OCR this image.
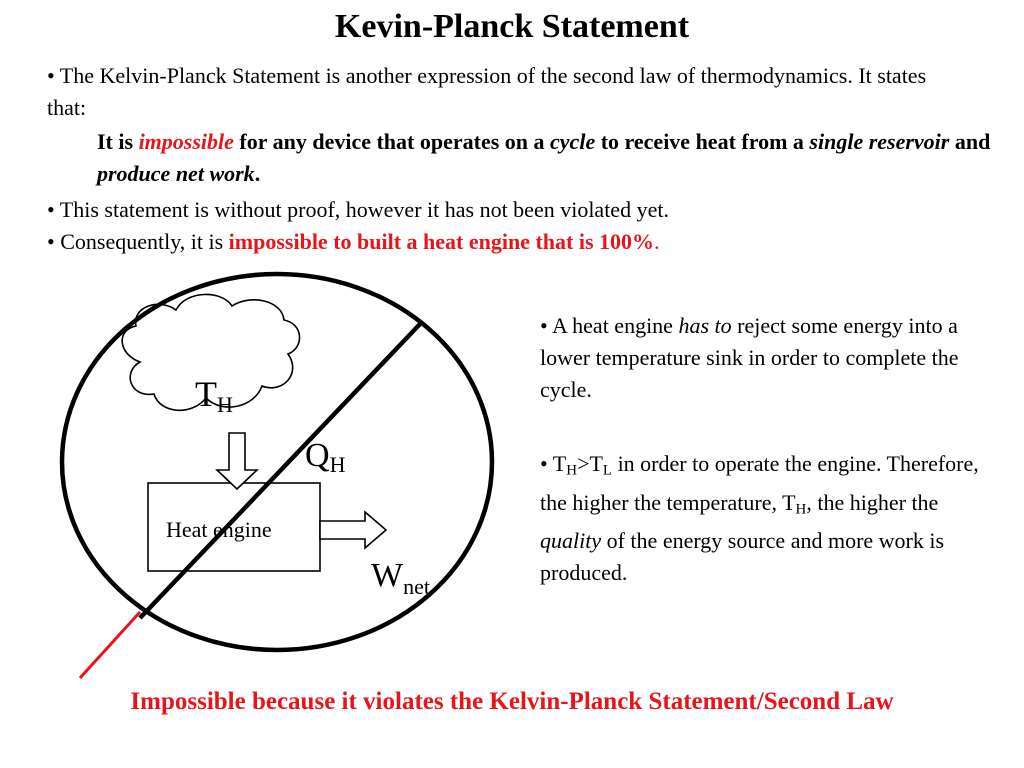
Kevin-Planck Statement
• The Kelvin-Planck Statement is another expression of the second law of thermodynamics. It states that:
It is impossible for any device that operates on a cycle to receive heat from a single reservoir and produce net work.
• This statement is without proof, however it has not been violated yet.
• Consequently, it is impossible to built a heat engine that is 100%.
TH
QH
Heat engine
$W_{net}$
• A heat engine has to reject some energy into a lower temperature sink in order to complete the cycle.
• $T_H>T_L$ in order to operate the engine. Therefore, the higher the temperature, $T_H$, the higher the quality of the energy source and more work is produced.
Impossible because it violates the Kelvin-Planck Statement/Second Law
